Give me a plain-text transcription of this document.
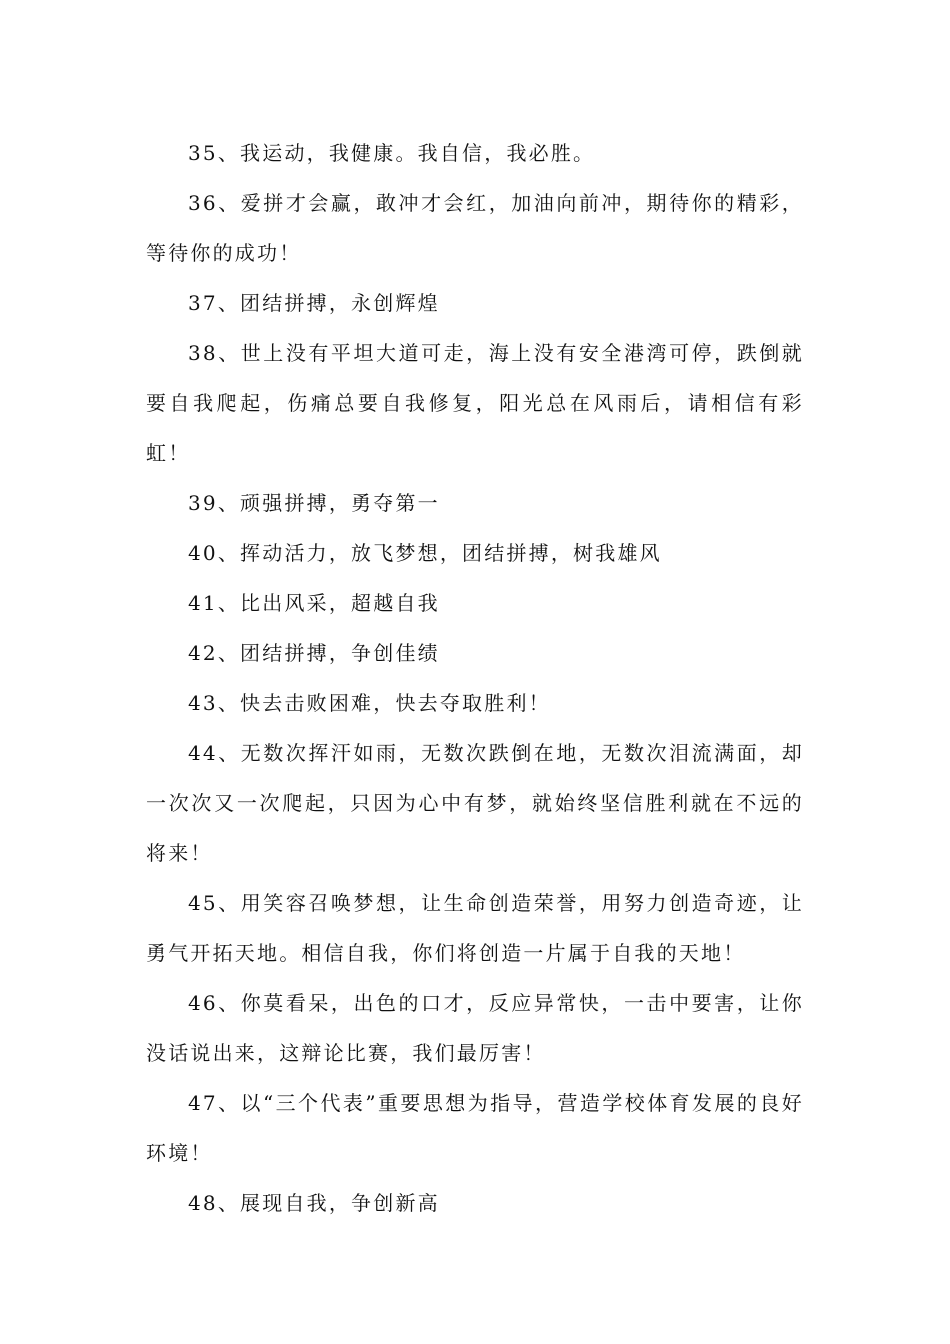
35、我运动，我健康。我自信，我必胜。

36、爱拼才会赢，敢冲才会红，加油向前冲，期待你的精彩，等待你的成功！

37、团结拼搏，永创辉煌

38、世上没有平坦大道可走，海上没有安全港湾可停，跌倒就要自我爬起，伤痛总要自我修复，阳光总在风雨后，请相信有彩虹！

39、顽强拼搏，勇夺第一

40、挥动活力，放飞梦想，团结拼搏，树我雄风

41、比出风采，超越自我

42、团结拼搏，争创佳绩

43、快去击败困难，快去夺取胜利！

44、无数次挥汗如雨，无数次跌倒在地，无数次泪流满面，却一次次又一次爬起，只因为心中有梦，就始终坚信胜利就在不远的将来！

45、用笑容召唤梦想，让生命创造荣誉，用努力创造奇迹，让勇气开拓天地。相信自我，你们将创造一片属于自我的天地！

46、你莫看呆，出色的口才，反应异常快，一击中要害，让你没话说出来，这辩论比赛，我们最厉害！

47、以“三个代表”重要思想为指导，营造学校体育发展的良好环境！

48、展现自我，争创新高
